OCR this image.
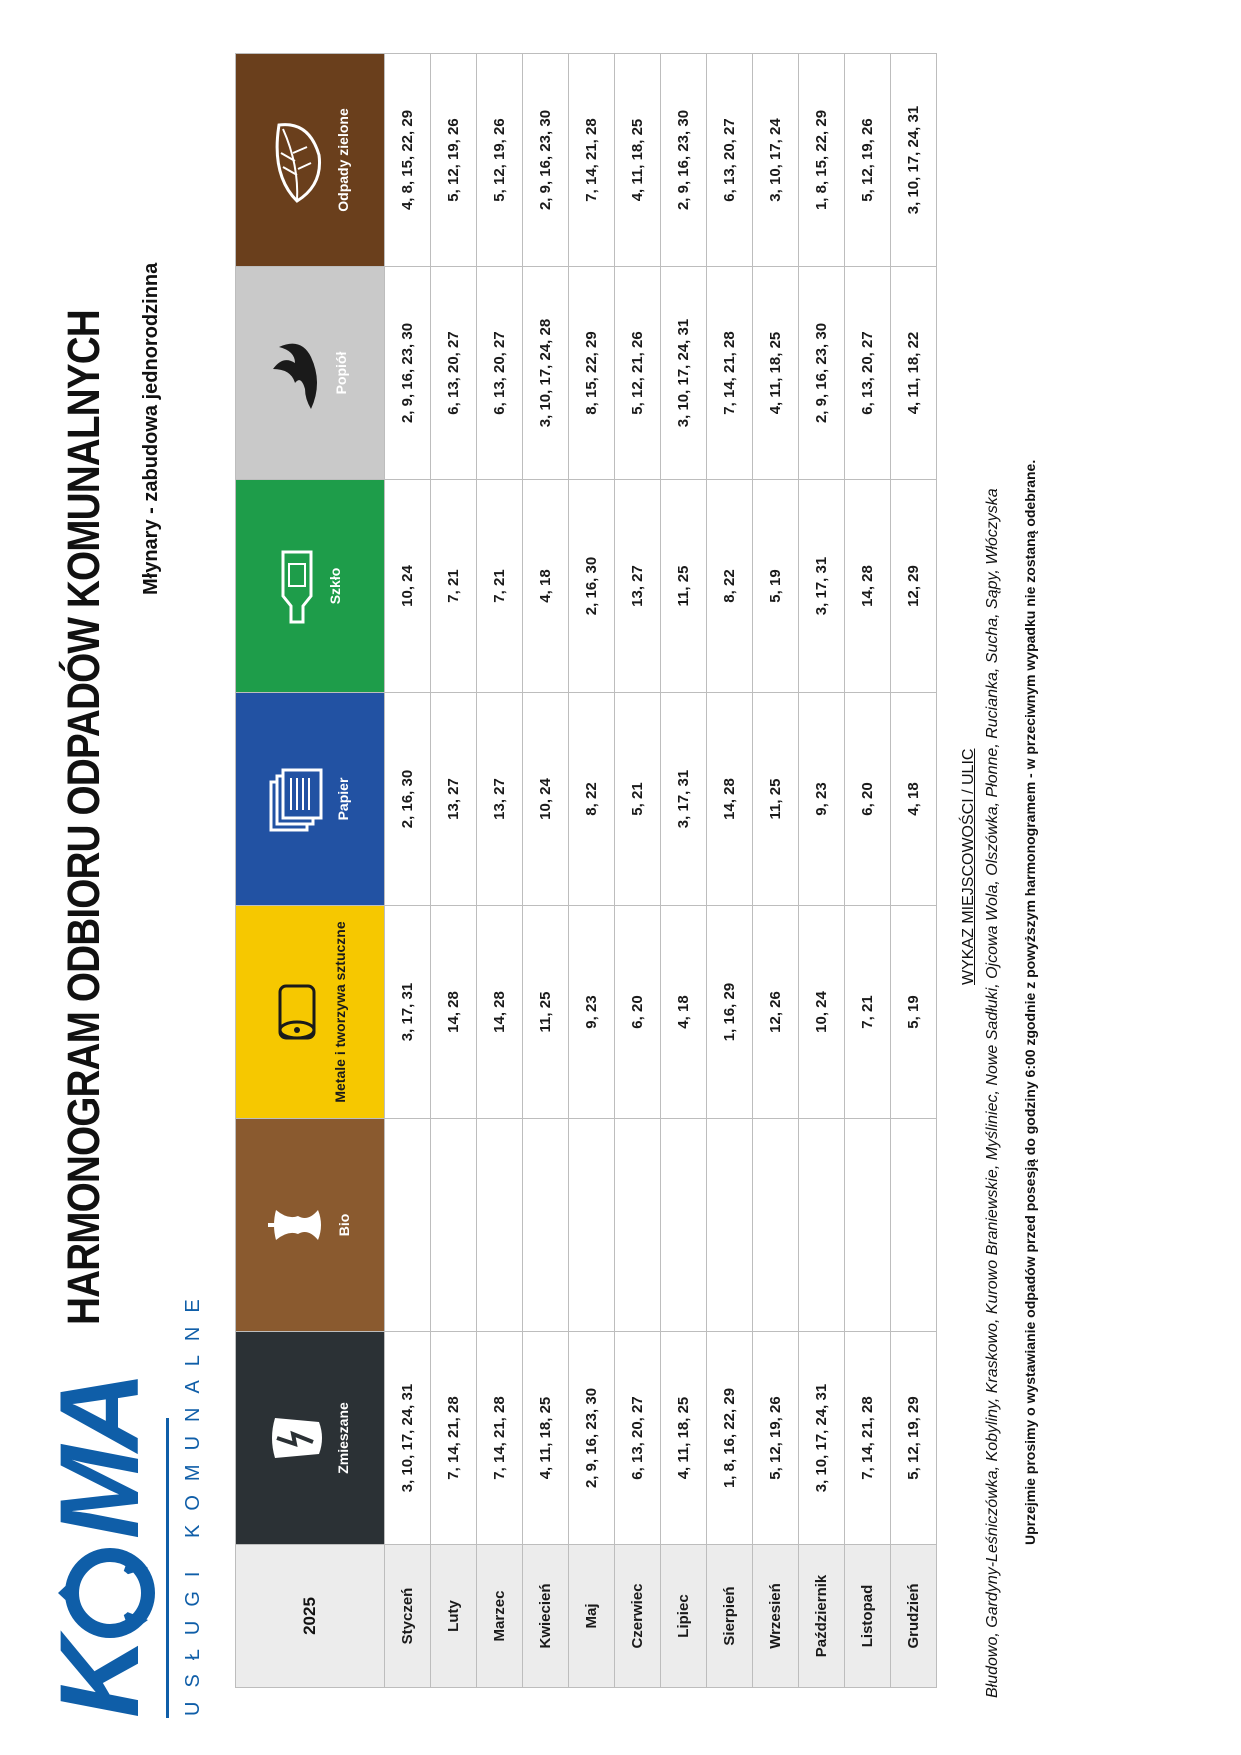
KMA USŁUGI KOMUNALNE
HARMONOGRAM ODBIORU ODPADÓW KOMUNALNYCH Młynary - zabudowa jednorodzinna
2025	Zmieszane	Bio	Metale i tworzywa sztuczne	Papier	Szkło	Popiół	Odpady zielone
Styczeń	3, 10, 17, 24, 31		3, 17, 31	2, 16, 30	10, 24	2, 9, 16, 23, 30	4, 8, 15, 22, 29
Luty	7, 14, 21, 28		14, 28	13, 27	7, 21	6, 13, 20, 27	5, 12, 19, 26
Marzec	7, 14, 21, 28		14, 28	13, 27	7, 21	6, 13, 20, 27	5, 12, 19, 26
Kwiecień	4, 11, 18, 25		11, 25	10, 24	4, 18	3, 10, 17, 24, 28	2, 9, 16, 23, 30
Maj	2, 9, 16, 23, 30		9, 23	8, 22	2, 16, 30	8, 15, 22, 29	7, 14, 21, 28
Czerwiec	6, 13, 20, 27		6, 20	5, 21	13, 27	5, 12, 21, 26	4, 11, 18, 25
Lipiec	4, 11, 18, 25		4, 18	3, 17, 31	11, 25	3, 10, 17, 24, 31	2, 9, 16, 23, 30
Sierpień	1, 8, 16, 22, 29		1, 16, 29	14, 28	8, 22	7, 14, 21, 28	6, 13, 20, 27
Wrzesień	5, 12, 19, 26		12, 26	11, 25	5, 19	4, 11, 18, 25	3, 10, 17, 24
Październik	3, 10, 17, 24, 31		10, 24	9, 23	3, 17, 31	2, 9, 16, 23, 30	1, 8, 15, 22, 29
Listopad	7, 14, 21, 28		7, 21	6, 20	14, 28	6, 13, 20, 27	5, 12, 19, 26
Grudzień	5, 12, 19, 29		5, 19	4, 18	12, 29	4, 11, 18, 22	3, 10, 17, 24, 31
WYKAZ MIEJSCOWOŚCI / ULIC Błudowo, Gardyny-Leśniczówka, Kobyliny, Kraskowo, Kurowo Braniewskie, Myśliniec, Nowe Sadłuki, Ojcowa Wola, Olszówka, Płonne, Ruciankа, Sucha, Sąpy, Włóczyska Uprzejmie prosimy o wystawianie odpadów przed posesją do godziny 6:00 zgodnie z powyższym harmonogramem - w przeciwnym wypadku nie zostaną odebrane.
